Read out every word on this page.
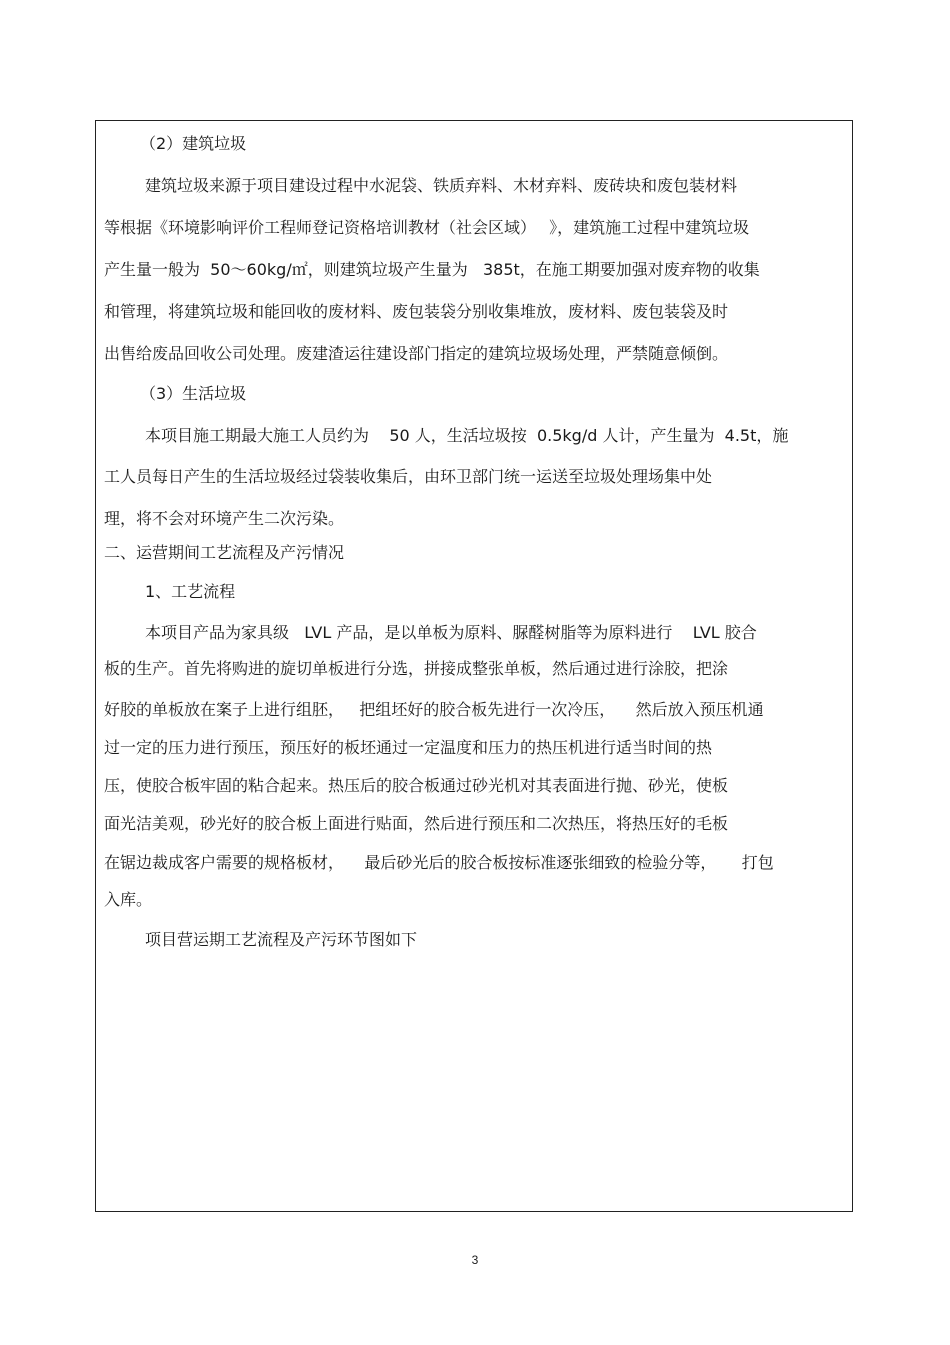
（2）建筑垃圾
建筑垃圾来源于项目建设过程中水泥袋、铁质弃料、木材弃料、废砖块和废包装材料
等根据《环境影响评价工程师登记资格培训教材（社会区域）　 》，建筑施工过程中建筑垃圾
产生量一般为  50～60kg/㎡，则建筑垃圾产生量为   385t，在施工期要加强对废弃物的收集
和管理，将建筑垃圾和能回收的废材料、废包装袋分别收集堆放，废材料、废包装袋及时
出售给废品回收公司处理。废建渣运往建设部门指定的建筑垃圾场处理，严禁随意倾倒。
（3）生活垃圾
本项目施工期最大施工人员约为    50 人，生活垃圾按  0.5kg/d 人计，产生量为  4.5t，施
工人员每日产生的生活垃圾经过袋装收集后，由环卫部门统一运送至垃圾处理场集中处
理，将不会对环境产生二次污染。
二、运营期间工艺流程及产污情况
1、工艺流程
本项目产品为家具级   LVL 产品，是以单板为原料、脲醛树脂等为原料进行    LVL 胶合
板的生产。首先将购进的旋切单板进行分选，拼接成整张单板，然后通过进行涂胶，把涂
好胶的单板放在案子上进行组胚，   把组坯好的胶合板先进行一次冷压，    然后放入预压机通
过一定的压力进行预压，预压好的板坯通过一定温度和压力的热压机进行适当时间的热
压，使胶合板牢固的粘合起来。热压后的胶合板通过砂光机对其表面进行抛、砂光，使板
面光洁美观，砂光好的胶合板上面进行贴面，然后进行预压和二次热压，将热压好的毛板
在锯边裁成客户需要的规格板材，    最后砂光后的胶合板按标准逐张细致的检验分等，     打包
入库。
项目营运期工艺流程及产污环节图如下
3
